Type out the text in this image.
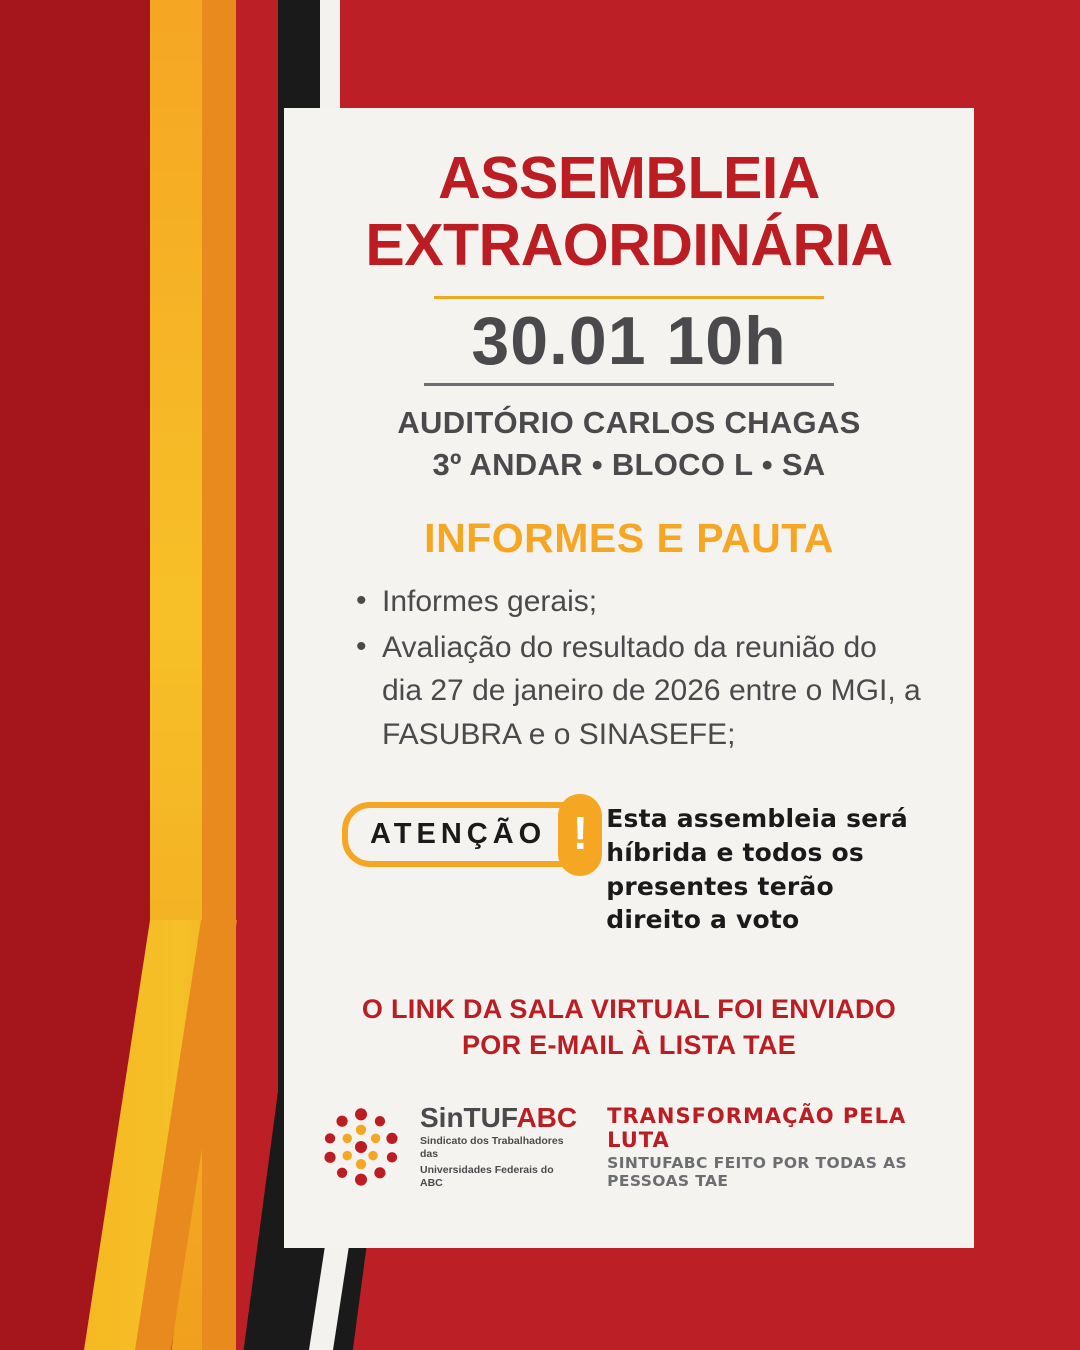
ASSEMBLEIA
EXTRAORDINÁRIA
30.01 10h
AUDITÓRIO CARLOS CHAGAS
3º ANDAR • BLOCO L • SA
INFORMES E PAUTA
• Informes gerais;
• Avaliação do resultado da reunião do dia 27 de janeiro de 2026 entre o MGI, a FASUBRA e o SINASEFE;
ATENÇÃO ! Esta assembleia será híbrida e todos os presentes terão direito a voto
O LINK DA SALA VIRTUAL FOI ENVIADO POR E-MAIL À LISTA TAE
SinTUFABC
Sindicato dos Trabalhadores das
Universidades Federais do ABC
TRANSFORMAÇÃO PELA LUTA
SINTUFABC FEITO POR TODAS AS PESSOAS TAE
